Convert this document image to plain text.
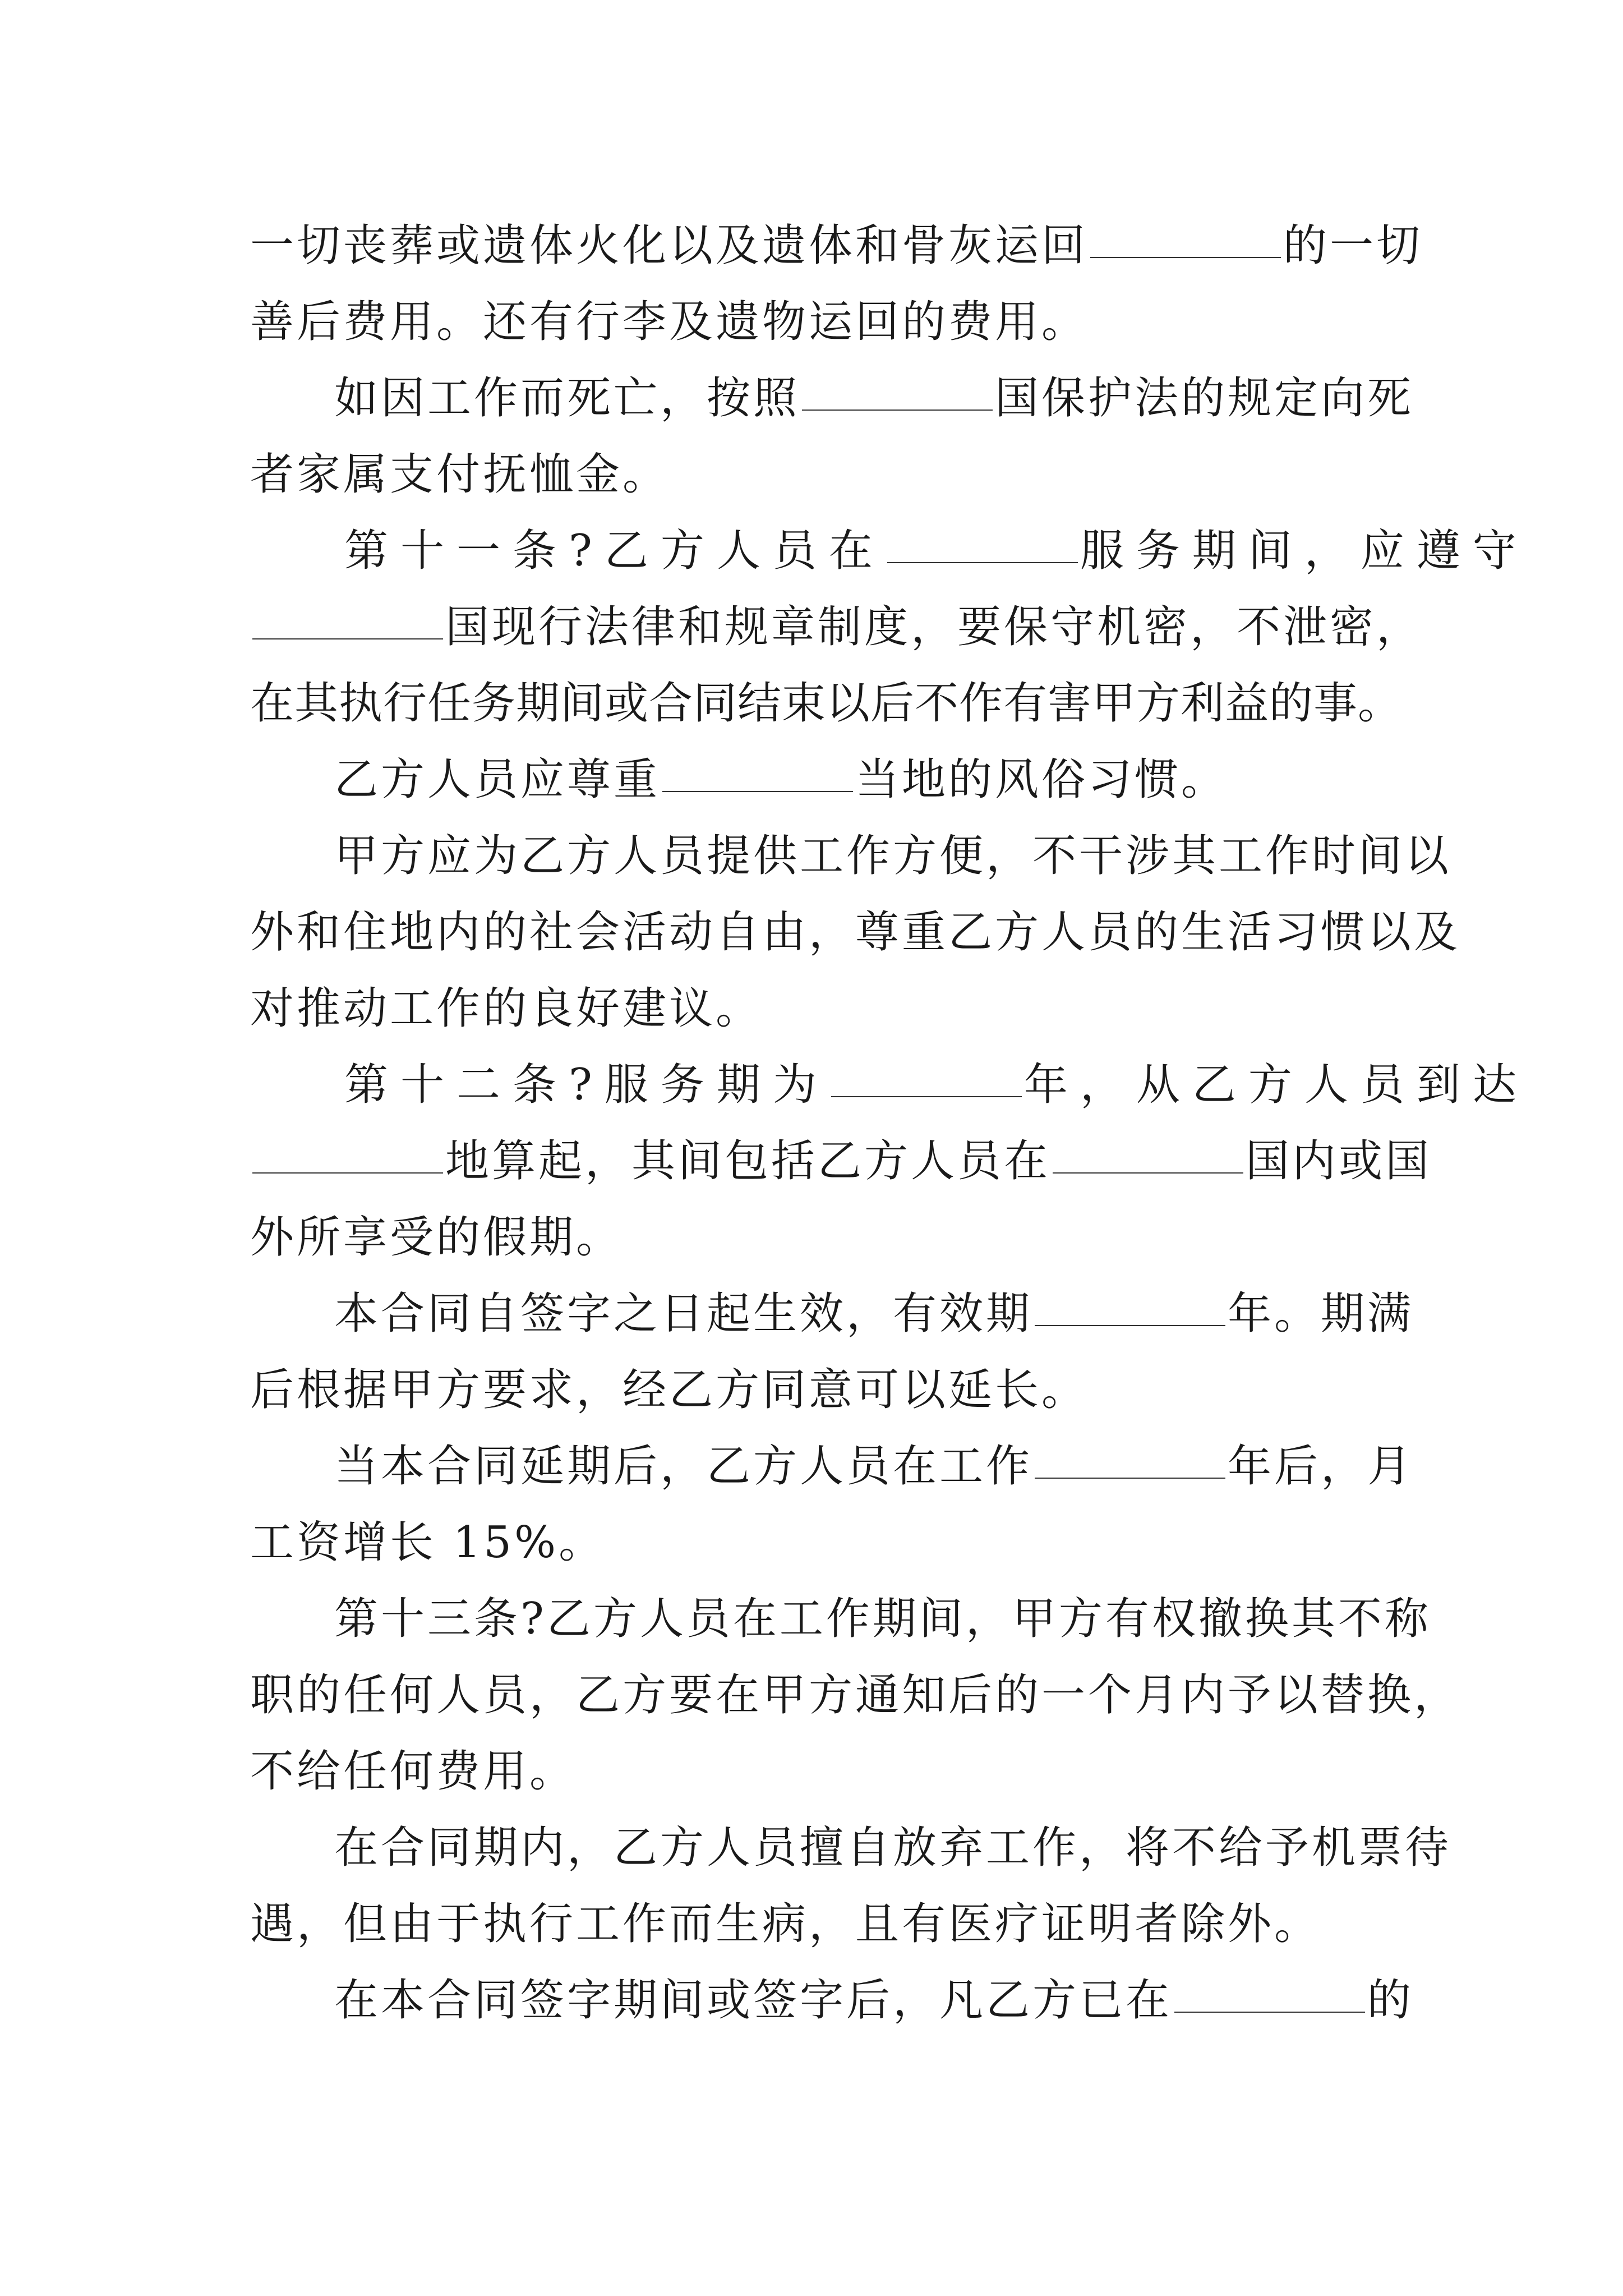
一切丧葬或遗体火化以及遗体和骨灰运回	的一切
善后费用。还有行李及遗物运回的费用。
如因工作而死亡，按照	国保护法的规定向死
者家属支付抚恤金。
第十一条?乙方人员在	服务期间，应遵守
国现行法律和规章制度，要保守机密，不泄密，
在其执行任务期间或合同结束以后不作有害甲方利益的事。
乙方人员应尊重	当地的风俗习惯。
甲方应为乙方人员提供工作方便，不干涉其工作时间以
外和住地内的社会活动自由，尊重乙方人员的生活习惯以及
对推动工作的良好建议。
第十二条?服务期为	年，从乙方人员到达
地算起，其间包括乙方人员在	国内或国
外所享受的假期。
本合同自签字之日起生效，有效期	年。期满
后根据甲方要求，经乙方同意可以延长。
当本合同延期后，乙方人员在工作	年后，月
工资增长 15%。
第十三条?乙方人员在工作期间，甲方有权撤换其不称
职的任何人员，乙方要在甲方通知后的一个月内予以替换，
不给任何费用。
在合同期内，乙方人员擅自放弃工作，将不给予机票待
遇，但由于执行工作而生病，且有医疗证明者除外。
在本合同签字期间或签字后，凡乙方已在	的
